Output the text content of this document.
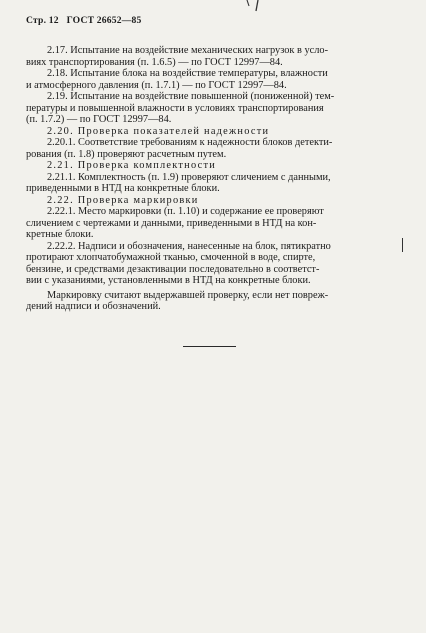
Стр. 12 ГОСТ 26652—85
2.17. Испытание на воздействие механических нагрузок в усло-
виях транспортирования (п. 1.6.5) — по ГОСТ 12997—84.
2.18. Испытание блока на воздействие температуры, влажности
и атмосферного давления (п. 1.7.1) — по ГОСТ 12997—84.
2.19. Испытание на воздействие повышенной (пониженной) тем-
пературы и повышенной влажности в условиях транспортирования
(п. 1.7.2) — по ГОСТ 12997—84.
2.20. Проверка показателей надежности
2.20.1. Соответствие требованиям к надежности блоков детекти-
рования (п. 1.8) проверяют расчетным путем.
2.21. Проверка комплектности
2.21.1. Комплектность (п. 1.9) проверяют сличением с данными,
приведенными в НТД на конкретные блоки.
2.22. Проверка маркировки
2.22.1. Место маркировки (п. 1.10) и содержание ее проверяют
сличением с чертежами и данными, приведенными в НТД на кон-
кретные блоки.
2.22.2. Надписи и обозначения, нанесенные на блок, пятикратно
протирают хлопчатобумажной тканью, смоченной в воде, спирте,
бензине, и средствами дезактивации последовательно в соответст-
вии с указаниями, установленными в НТД на конкретные блоки.
Маркировку считают выдержавшей проверку, если нет повреж-
дений надписи и обозначений.
